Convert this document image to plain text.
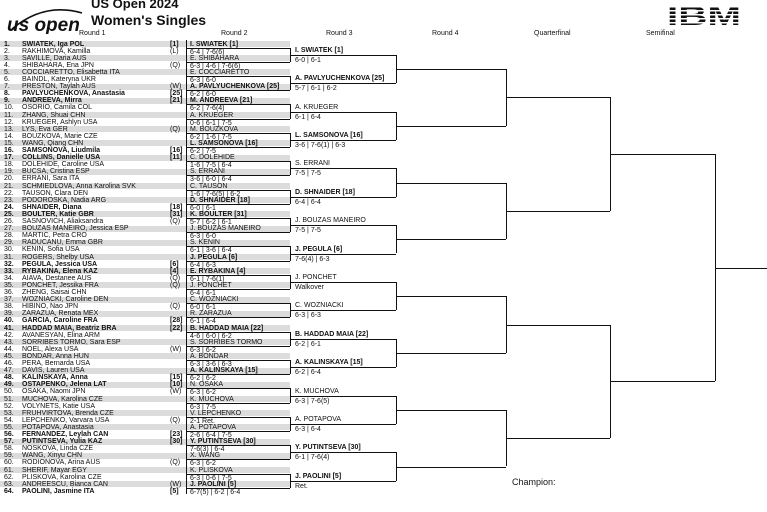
us open
US Open 2024
Women's Singles
Round 1	Round 2	Round 3	Round 4	Quarterfinal	Semifinal
1. SWIATEK, Iga POL	[1]
2. RAKHIMOVA, Kamilla	(L)
3. SAVILLE, Daria AUS
4. SHIBAHARA, Ena JPN	(Q)
5. COCCIARETTO, Elisabetta ITA
6. BAINDL, Kateryna UKR
7. PRESTON, Taylah AUS	(W)
8. PAVLYUCHENKOVA, Anastasia	[25]
9. ANDREEVA, Mirra	[21]
10. OSORIO, Camila COL
11. ZHANG, Shuai CHN
12. KRUEGER, Ashlyn USA
13. LYS, Eva GER	(Q)
14. BOUZKOVA, Marie CZE
15. WANG, Qiang CHN
16. SAMSONOVA, Liudmila	[16]
17. COLLINS, Danielle USA	[11]
18. DOLEHIDE, Caroline USA
19. BUCSA, Cristina ESP
20. ERRANI, Sara ITA
21. SCHMIEDLOVA, Anna Karolina SVK
22. TAUSON, Clara DEN
23. PODOROSKA, Nadia ARG
24. SHNAIDER, Diana	[18]
25. BOULTER, Katie GBR	[31]
26. SASNOVICH, Aliaksandra	(Q)
27. BOUZAS MANEIRO, Jessica ESP
28. MARTIC, Petra CRO
29. RADUCANU, Emma GBR
30. KENIN, Sofia USA
31. ROGERS, Shelby USA
32. PEGULA, Jessica USA	[6]
33. RYBAKINA, Elena KAZ	[4]
34. AIAVA, Destanee AUS	(Q)
35. PONCHET, Jessika FRA	(Q)
36. ZHENG, Saisai CHN
37. WOZNIACKI, Caroline DEN
38. HIBINO, Nao JPN	(Q)
39. ZARAZUA, Renata MEX
40. GARCIA, Caroline FRA	[28]
41. HADDAD MAIA, Beatriz BRA	[22]
42. AVANESYAN, Elina ARM
43. SORRIBES TORMO, Sara ESP
44. NOEL, Alexa USA	(W)
45. BONDAR, Anna HUN
46. PERA, Bernarda USA
47. DAVIS, Lauren USA
48. KALINSKAYA, Anna	[15]
49. OSTAPENKO, Jelena LAT	[10]
50. OSAKA, Naomi JPN	(W)
51. MUCHOVA, Karolina CZE
52. VOLYNETS, Katie USA
53. FRUHVIRTOVA, Brenda CZE
54. LEPCHENKO, Varvara USA	(Q)
55. POTAPOVA, Anastasia
56. FERNANDEZ, Leylah CAN	[23]
57. PUTINTSEVA, Yulia KAZ	[30]
58. NOSKOVA, Linda CZE
59. WANG, Xinyu CHN
60. RODIONOVA, Arina AUS	(Q)
61. SHERIF, Mayar EGY
62. PLISKOVA, Karolina CZE
63. ANDREESCU, Bianca CAN	(W)
64. PAOLINI, Jasmine ITA	[5]
I. SWIATEK [1]
6-4 | 7-6(6)
E. SHIBAHARA
6-3 | 4-6 | 7-6(6)
E. COCCIARETTO
6-3 | 6-0
A. PAVLYUCHENKOVA [25]
6-2 | 6-0
M. ANDREEVA [21]
6-2 | 7-6(4)
A. KRUEGER
0-6 | 6-1 | 7-5
M. BOUZKOVA
6-2 | 1-6 | 7-5
L. SAMSONOVA [16]
6-2 | 7-5
C. DOLEHIDE
1-6 | 7-5 | 6-4
S. ERRANI
3-6 | 6-0 | 6-4
C. TAUSON
1-6 | 7-6(5) | 6-2
D. SHNAIDER [18]
6-0 | 6-1
K. BOULTER [31]
5-7 | 6-2 | 6-1
J. BOUZAS MANEIRO
6-3 | 6-0
S. KENIN
6-1 | 3-6 | 6-4
J. PEGULA [6]
6-4 | 6-3
E. RYBAKINA [4]
6-1 | 7-6(1)
J. PONCHET
6-4 | 6-1
C. WOZNIACKI
6-0 | 6-1
R. ZARAZUA
6-1 | 6-4
B. HADDAD MAIA [22]
4-6 | 6-0 | 6-2
S. SORRIBES TORMO
6-3 | 6-2
A. BONDAR
6-3 | 3-6 | 6-3
A. KALINSKAYA [15]
6-2 | 6-2
N. OSAKA
6-3 | 6-2
K. MUCHOVA
6-3 | 7-5
V. LEPCHENKO
2-1 Ret.
A. POTAPOVA
2-6 | 6-4 | 7-5
Y. PUTINTSEVA [30]
7-6(3) | 6-4
X. WANG
6-3 | 6-2
K. PLISKOVA
6-3 | 0-6 | 7-5
J. PAOLINI [5]
6-7(5) | 6-2 | 6-4
I. SWIATEK [1]
6-0 | 6-1
A. PAVLYUCHENKOVA [25]
5-7 | 6-1 | 6-2
A. KRUEGER
6-1 | 6-4
L. SAMSONOVA [16]
3-6 | 7-6(1) | 6-3
S. ERRANI
7-5 | 7-5
D. SHNAIDER [18]
6-4 | 6-4
J. BOUZAS MANEIRO
7-5 | 7-5
J. PEGULA [6]
7-6(4) | 6-3
J. PONCHET
Walkover
C. WOZNIACKI
6-3 | 6-3
B. HADDAD MAIA [22]
6-2 | 6-1
A. KALINSKAYA [15]
6-2 | 6-4
K. MUCHOVA
6-3 | 7-6(5)
A. POTAPOVA
6-3 | 6-4
Y. PUTINTSEVA [30]
6-1 | 7-6(4)
J. PAOLINI [5]
Ret.	Champion:
